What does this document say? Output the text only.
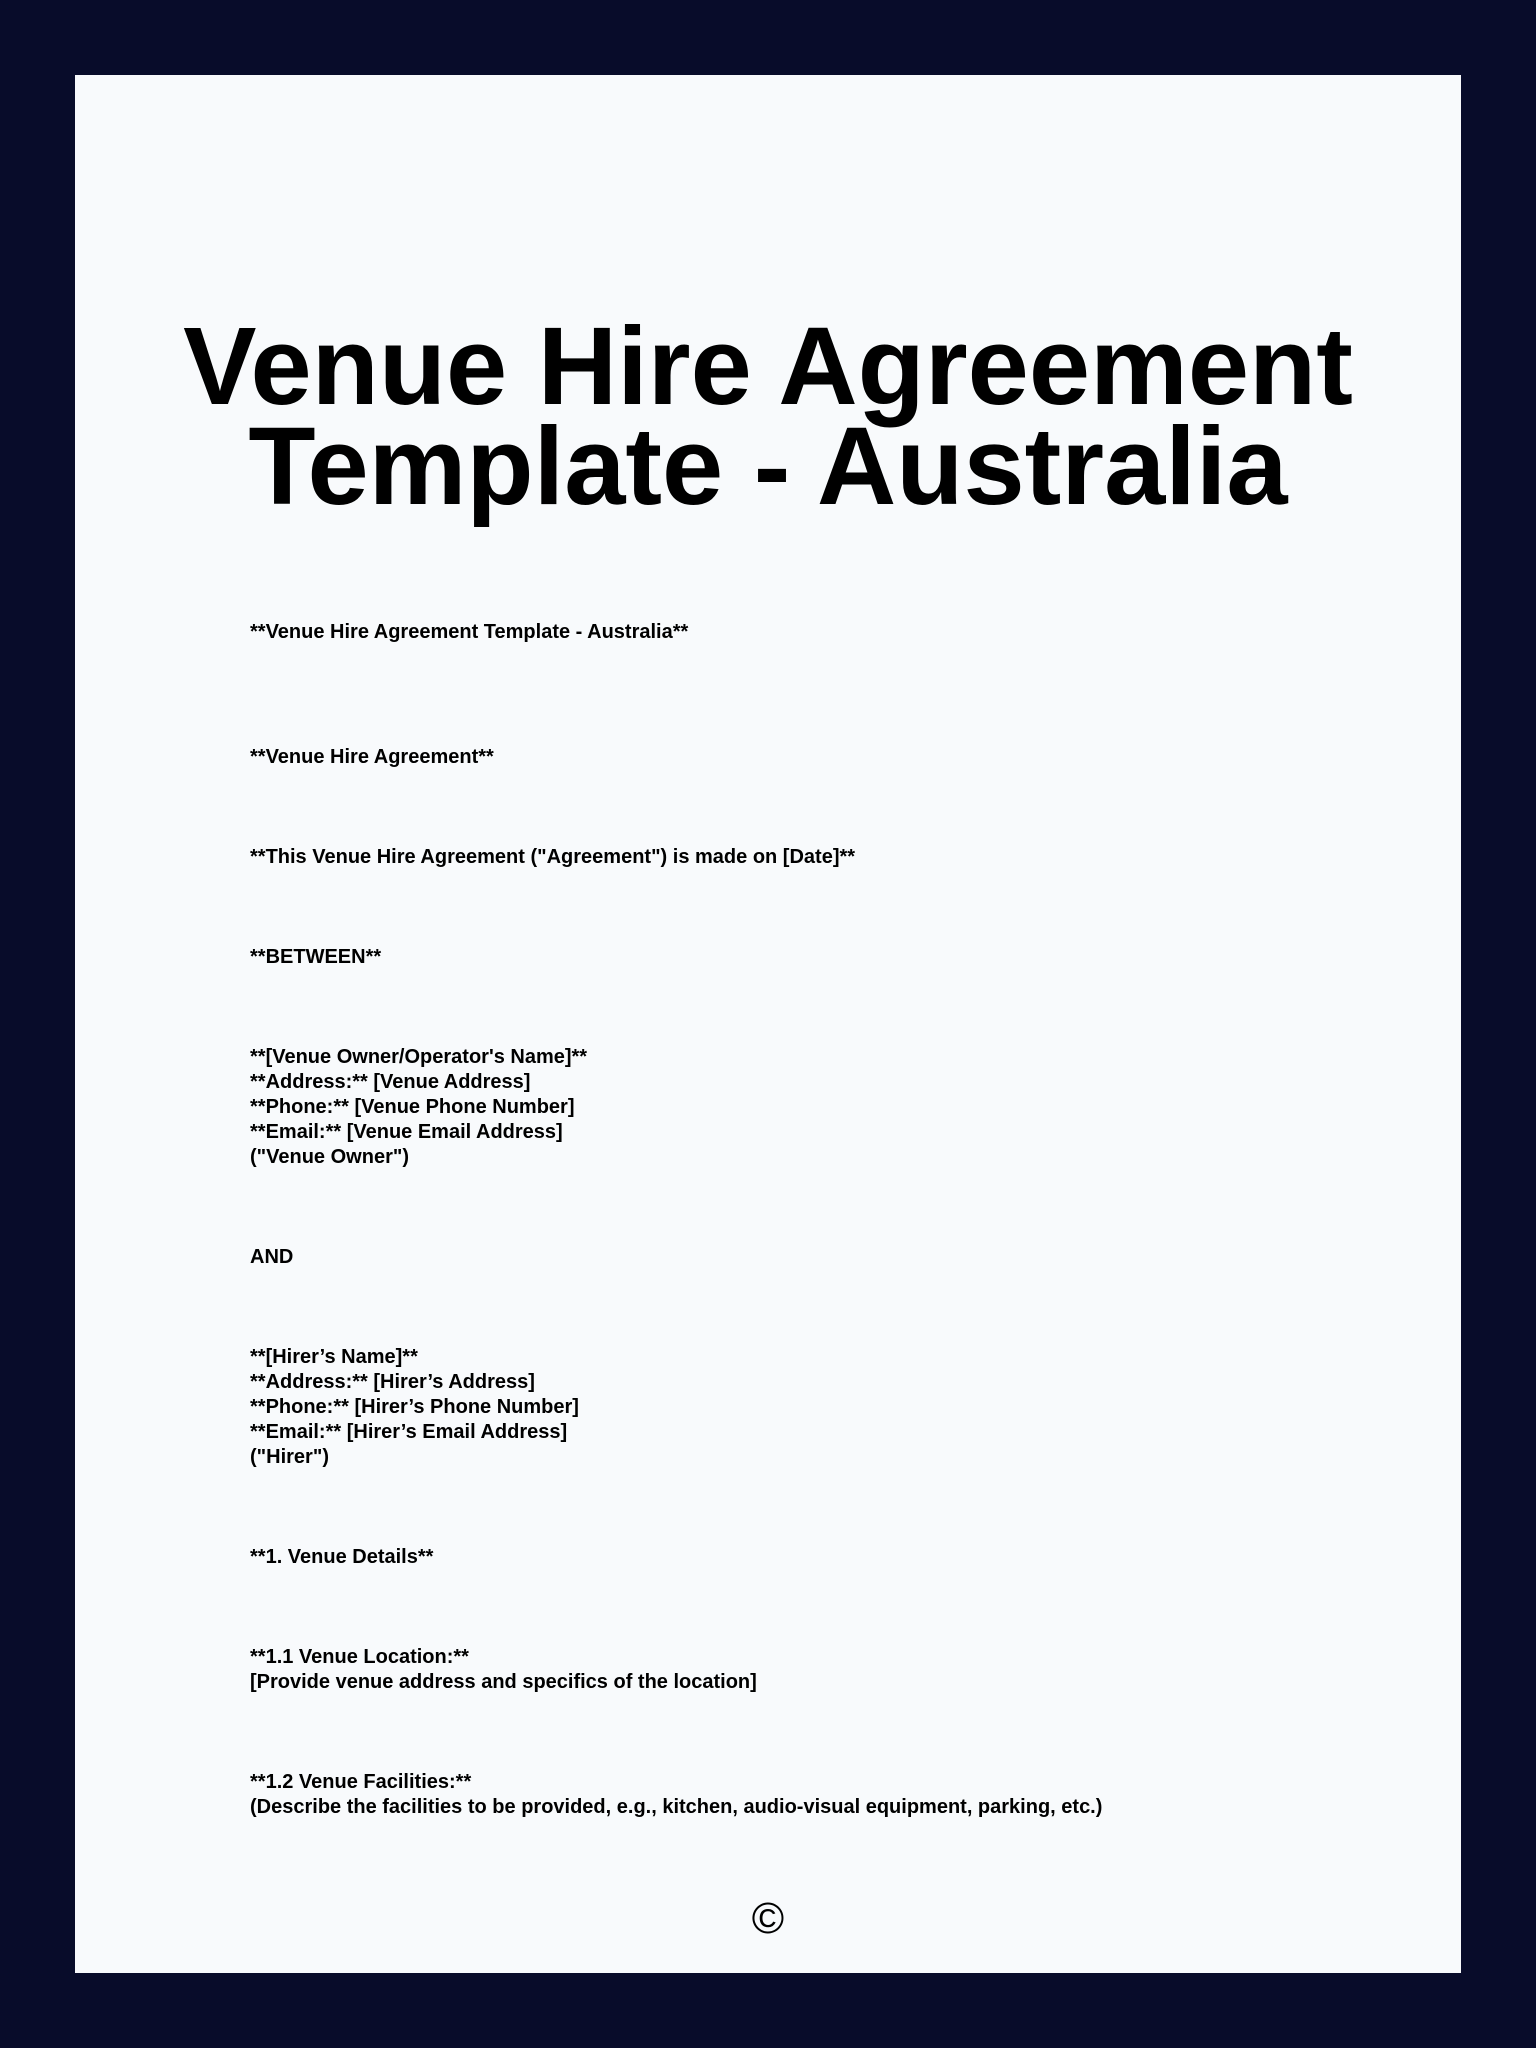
Venue Hire Agreement
Template - Australia

**Venue Hire Agreement Template - Australia**

**Venue Hire Agreement**

**This Venue Hire Agreement ("Agreement") is made on [Date]**

**BETWEEN**

**[Venue Owner/Operator's Name]**
**Address:** [Venue Address]
**Phone:** [Venue Phone Number]
**Email:** [Venue Email Address]
("Venue Owner")

AND

**[Hirer’s Name]**
**Address:** [Hirer’s Address]
**Phone:** [Hirer’s Phone Number]
**Email:** [Hirer’s Email Address]
("Hirer")

**1. Venue Details**

**1.1 Venue Location:**
[Provide venue address and specifics of the location]

**1.2 Venue Facilities:**
(Describe the facilities to be provided, e.g., kitchen, audio-visual equipment, parking, etc.)

©
